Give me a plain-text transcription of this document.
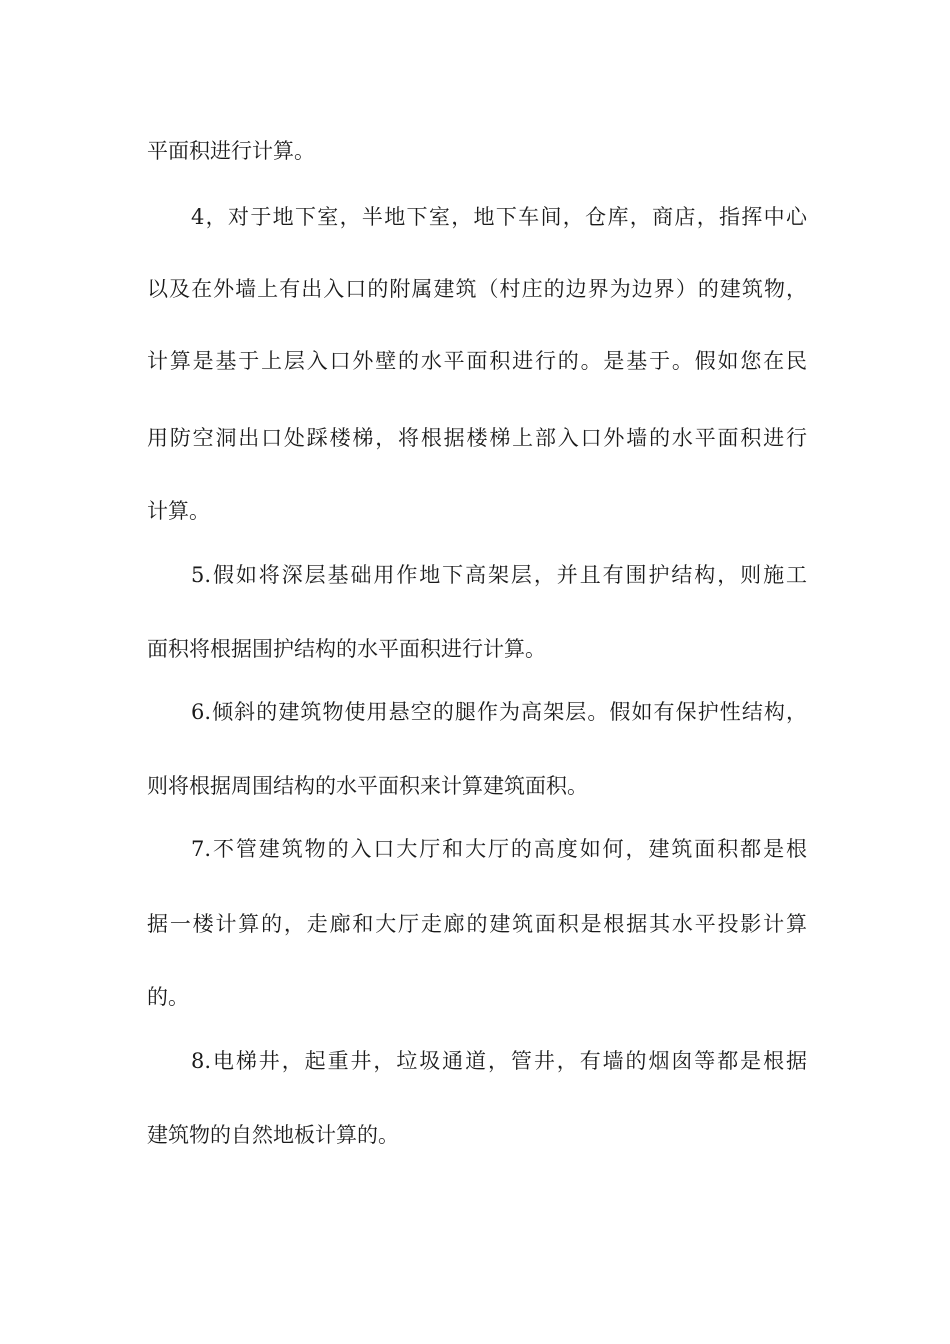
平面积进行计算。
4，对于地下室，半地下室，地下车间，仓库，商店，指挥中心
以及在外墙上有出入口的附属建筑（村庄的边界为边界）的建筑物，
计算是基于上层入口外壁的水平面积进行的。是基于。假如您在民
用防空洞出口处踩楼梯，将根据楼梯上部入口外墙的水平面积进行
计算。
5.假如将深层基础用作地下高架层，并且有围护结构，则施工
面积将根据围护结构的水平面积进行计算。
6.倾斜的建筑物使用悬空的腿作为高架层。假如有保护性结构，
则将根据周围结构的水平面积来计算建筑面积。
7.不管建筑物的入口大厅和大厅的高度如何，建筑面积都是根
据一楼计算的，走廊和大厅走廊的建筑面积是根据其水平投影计算
的。
8.电梯井，起重井，垃圾通道，管井，有墙的烟囱等都是根据
建筑物的自然地板计算的。
